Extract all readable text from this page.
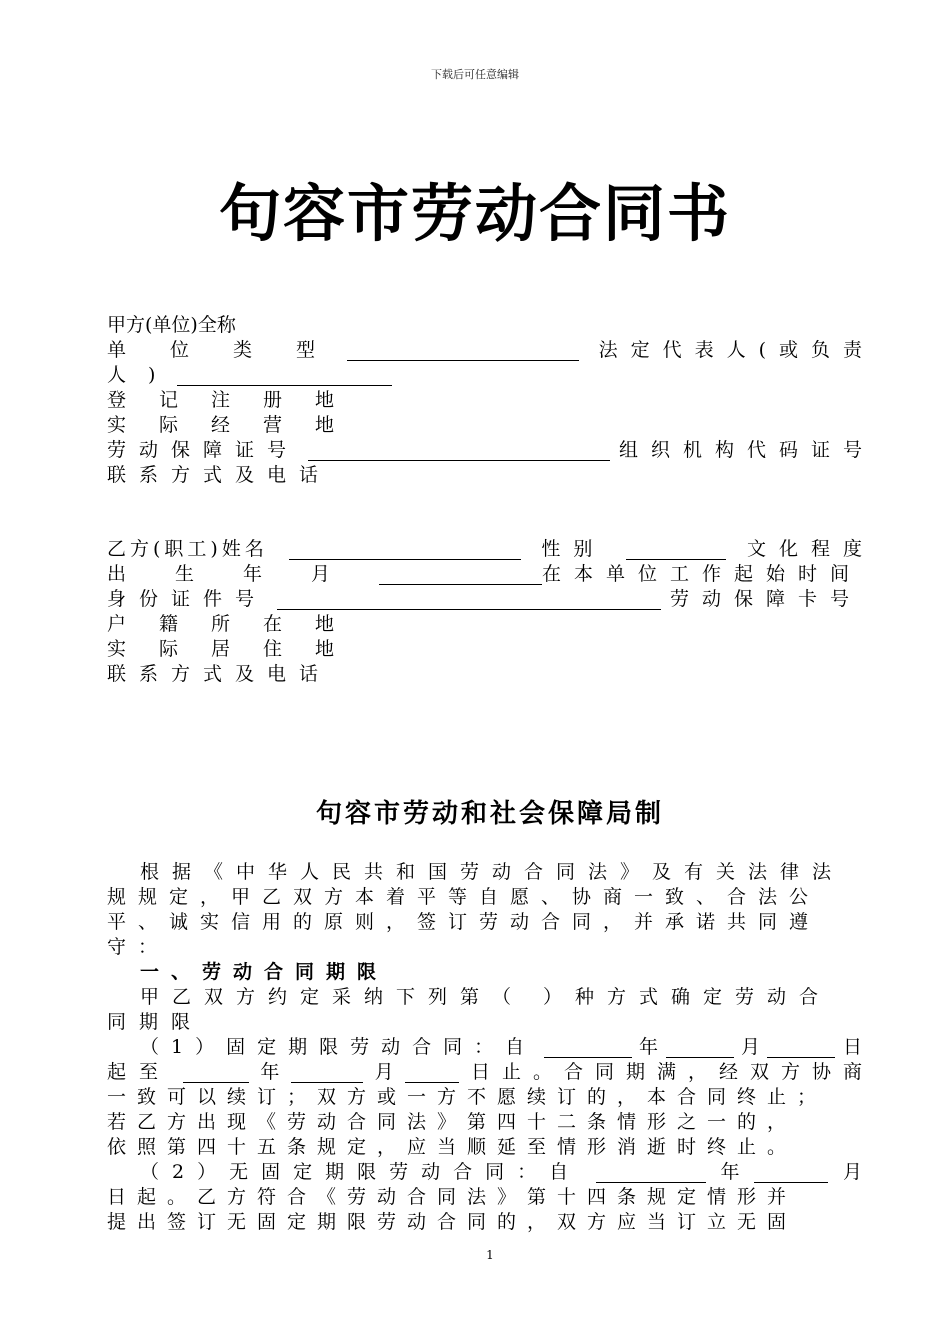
下载后可任意编辑
句容市劳动合同书
甲方(单位)全称
单位类型	法定代表人(或负责
人)
登记注册地
实际经营地
劳动保障证号	组织机构代码证号
联系方式及电话
乙方(职工)姓名	性别	文化程度
出生年月	在本单位工作起始时间
身份证件号	劳动保障卡号
户籍所在地
实际居住地
联系方式及电话
句容市劳动和社会保障局制
根据《中华人民共和国劳动合同法》及有关法律法
规规定，甲乙双方本着平等自愿、协商一致、合法公
平、诚实信用的原则，签订劳动合同，并承诺共同遵
守：
一、劳动合同期限
甲乙双方约定采纳下列第（ ）种方式确定劳动合
同期限
（1）固定期限劳动合同：自	年	月	日
起至	年	月	日止。合同期满，经双方协商
一致可以续订；双方或一方不愿续订的，本合同终止；
若乙方出现《劳动合同法》第四十二条情形之一的，
依照第四十五条规定，应当顺延至情形消逝时终止。
（2）无固定期限劳动合同：自	年	月
日起。乙方符合《劳动合同法》第十四条规定情形并
提出签订无固定期限劳动合同的，双方应当订立无固
1
